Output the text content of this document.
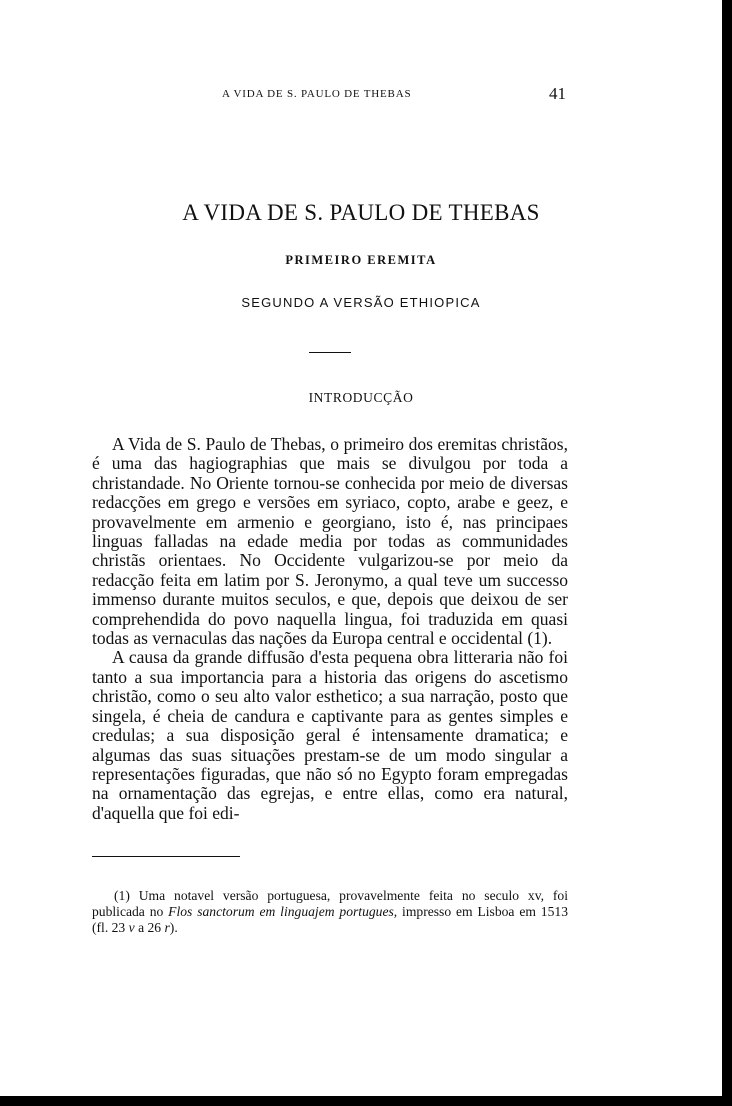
A VIDA DE S. PAULO DE THEBAS	41
A VIDA DE S. PAULO DE THEBAS
PRIMEIRO EREMITA
SEGUNDO A VERSÃO ETHIOPICA
INTRODUCÇÃO

A Vida de S. Paulo de Thebas, o primeiro dos eremitas christãos, é uma das hagiographias que mais se divulgou por toda a christandade. No Oriente tornou-se conhecida por meio de diversas redacções em grego e versões em syriaco, copto, arabe e geez, e provavelmente em armenio e georgiano, isto é, nas principaes linguas falladas na edade media por todas as communidades christãs orientaes. No Occidente vulgarizou-se por meio da redacção feita em latim por S. Jeronymo, a qual teve um successo immenso durante muitos seculos, e que, depois que deixou de ser comprehendida do povo naquella lingua, foi traduzida em quasi todas as vernaculas das nações da Europa central e occidental (1).

A causa da grande diffusão d'esta pequena obra litteraria não foi tanto a sua importancia para a historia das origens do ascetismo christão, como o seu alto valor esthetico; a sua narração, posto que singela, é cheia de candura e captivante para as gentes simples e credulas; a sua disposição geral é intensamente dramatica; e algumas das suas situações prestam-se de um modo singular a representações figuradas, que não só no Egypto foram empregadas na ornamentação das egrejas, e entre ellas, como era natural, d'aquella que foi edi-

(1) Uma notavel versão portuguesa, provavelmente feita no seculo xv, foi publicada no Flos sanctorum em linguajem portugues, impresso em Lisboa em 1513 (fl. 23 v a 26 r).
